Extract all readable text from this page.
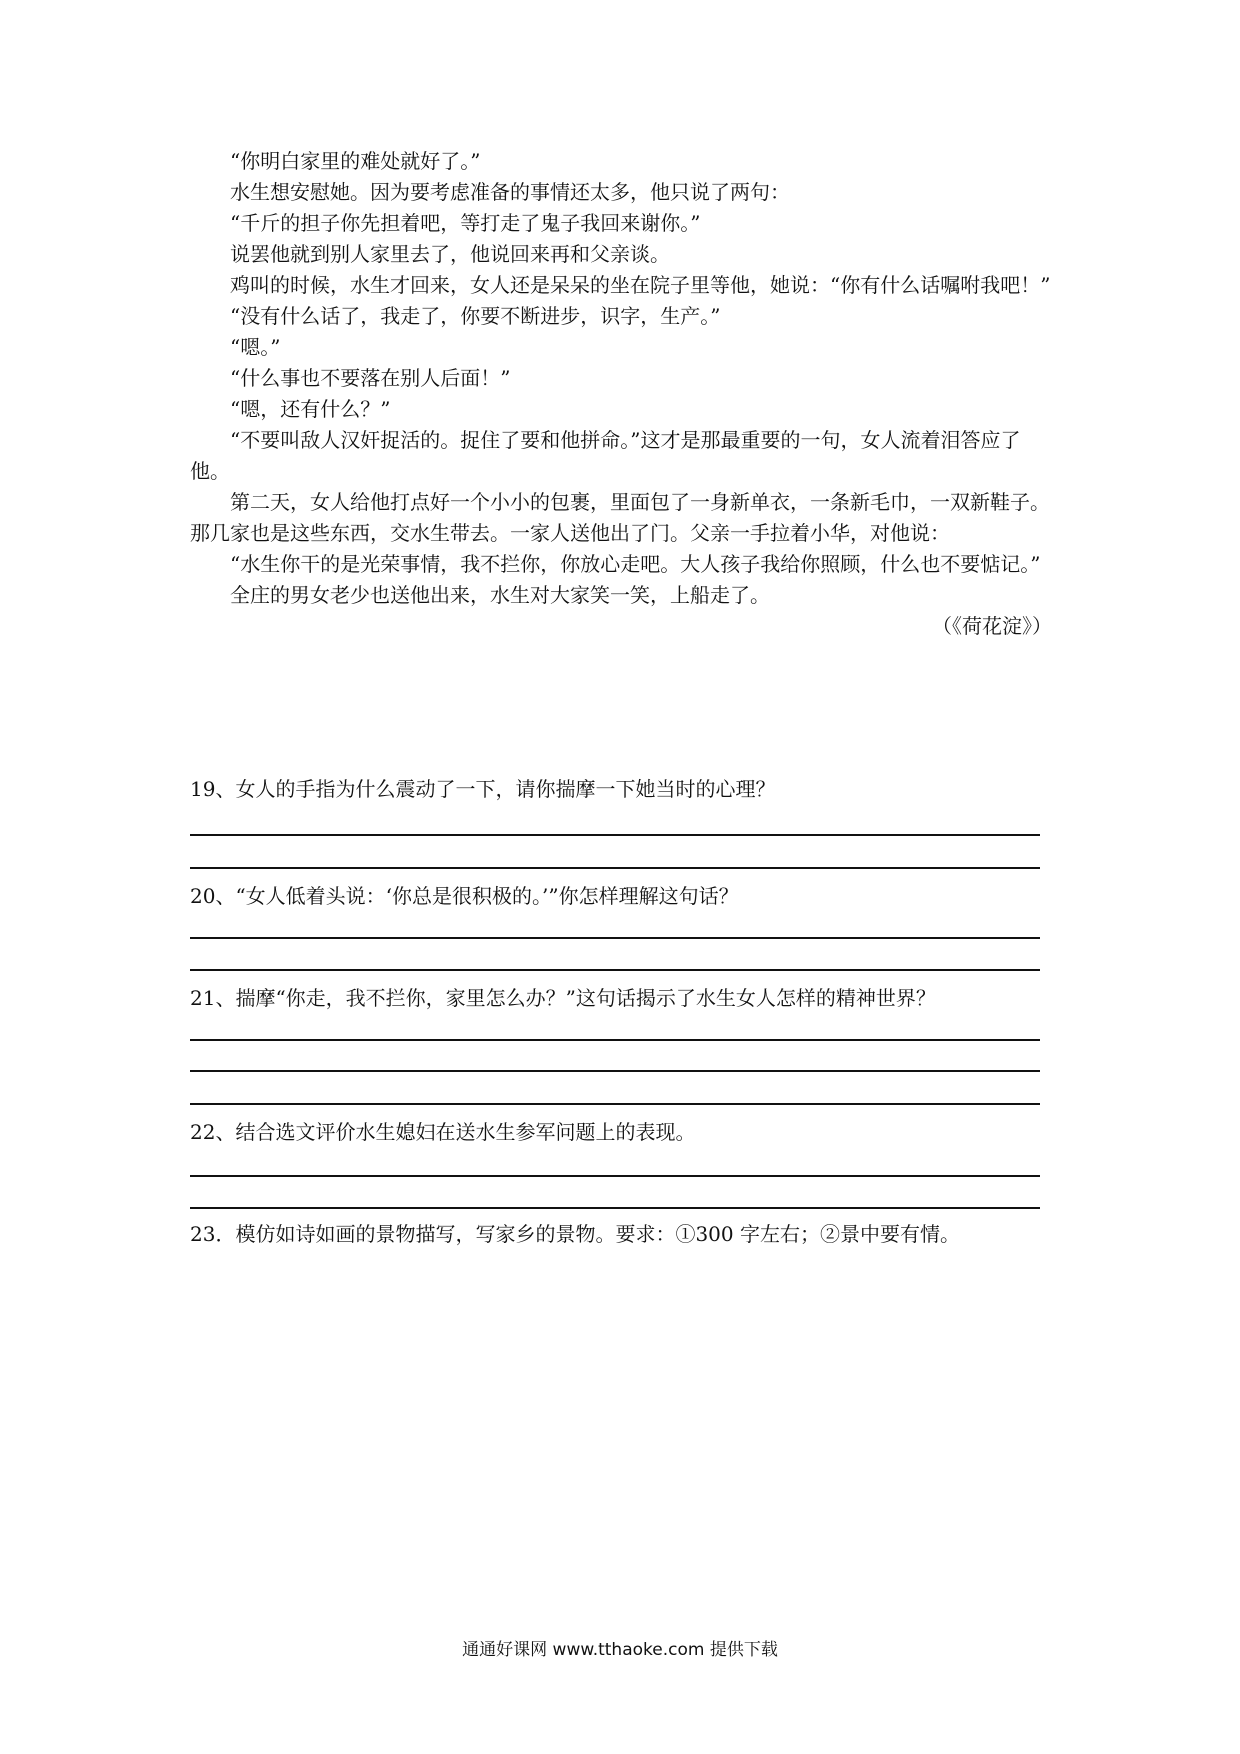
“你明白家里的难处就好了。”

水生想安慰她。因为要考虑准备的事情还太多，他只说了两句：

“千斤的担子你先担着吧，等打走了鬼子我回来谢你。”

说罢他就到别人家里去了，他说回来再和父亲谈。

鸡叫的时候，水生才回来，女人还是呆呆的坐在院子里等他，她说：“你有什么话嘱咐我吧！”

“没有什么话了，我走了，你要不断进步，识字，生产。”

“嗯。”

“什么事也不要落在别人后面！”

“嗯，还有什么？”

“不要叫敌人汉奸捉活的。捉住了要和他拼命。”这才是那最重要的一句，女人流着泪答应了他。

第二天，女人给他打点好一个小小的包裹，里面包了一身新单衣，一条新毛巾，一双新鞋子。那几家也是这些东西，交水生带去。一家人送他出了门。父亲一手拉着小华，对他说：

“水生你干的是光荣事情，我不拦你，你放心走吧。大人孩子我给你照顾，什么也不要惦记。”

全庄的男女老少也送他出来，水生对大家笑一笑，上船走了。

（《荷花淀》）

19、女人的手指为什么震动了一下，请你揣摩一下她当时的心理？

20、“女人低着头说：‘你总是很积极的。’”你怎样理解这句话？

21、揣摩“你走，我不拦你，家里怎么办？”这句话揭示了水生女人怎样的精神世界？

22、结合选文评价水生媳妇在送水生参军问题上的表现。

23．模仿如诗如画的景物描写，写家乡的景物。要求：①300 字左右；②景中要有情。

通通好课网 www.tthaoke.com 提供下载
